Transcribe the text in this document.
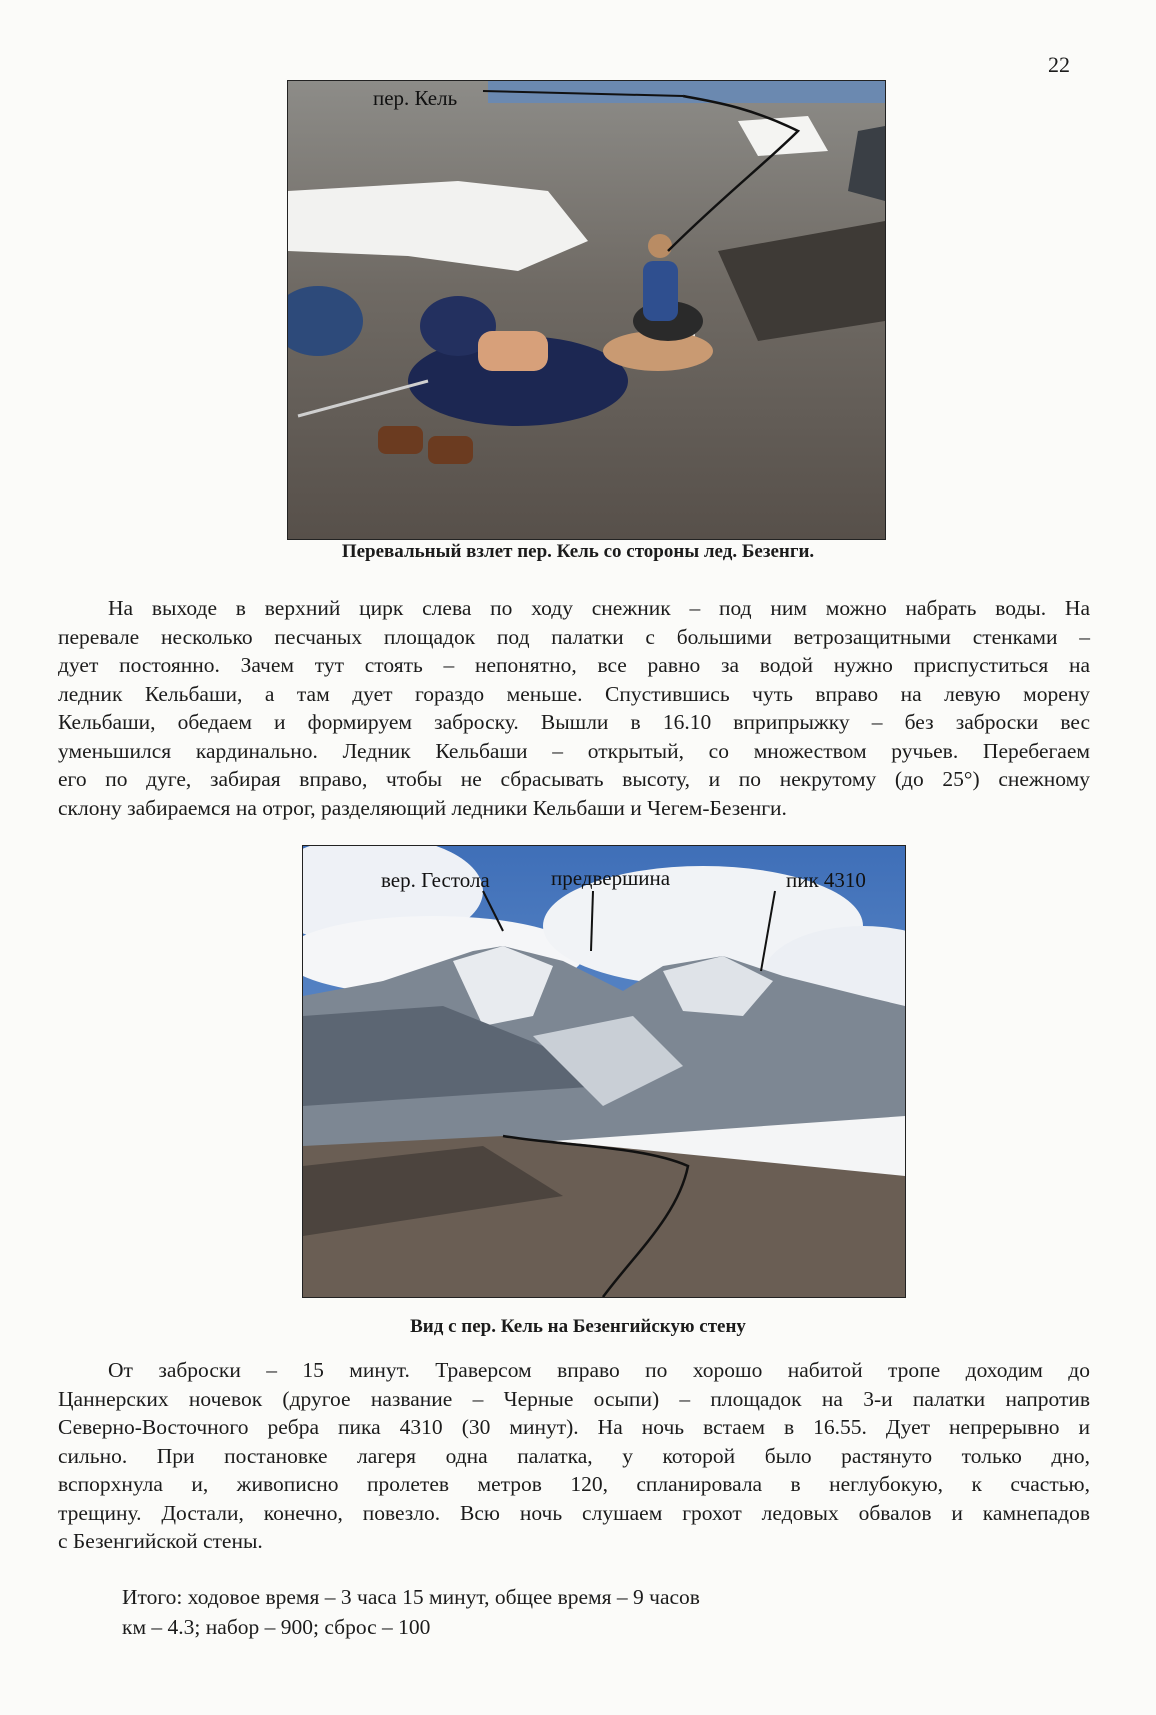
22
пер. Кель
Перевальный взлет пер. Кель со стороны лед. Безенги.
На выходе в верхний цирк слева по ходу снежник – под ним можно набрать воды. На
перевале несколько песчаных площадок под палатки с большими ветрозащитными стенками –
дует постоянно. Зачем тут стоять – непонятно, все равно за водой нужно приспуститься на
ледник Кельбаши, а там дует гораздо меньше. Спустившись чуть вправо на левую морену
Кельбаши, обедаем и формируем заброску. Вышли в 16.10 вприпрыжку – без заброски вес
уменьшился кардинально. Ледник Кельбаши – открытый, со множеством ручьев. Перебегаем
его по дуге, забирая вправо, чтобы не сбрасывать высоту, и по некрутому (до 25°) снежному
склону забираемся на отрог, разделяющий ледники Кельбаши и Чегем-Безенги.
вер. Гестола	предвершина	пик 4310
Вид с пер. Кель на Безенгийскую стену
От заброски – 15 минут. Траверсом вправо по хорошо набитой тропе доходим до
Цаннерских ночевок (другое название – Черные осыпи) – площадок на 3-и палатки напротив
Северно-Восточного ребра пика 4310 (30 минут). На ночь встаем в 16.55. Дует непрерывно и
сильно. При постановке лагеря одна палатка, у которой было растянуто только дно,
вспорхнула и, живописно пролетев метров 120, спланировала в неглубокую, к счастью,
трещину. Достали, конечно, повезло. Всю ночь слушаем грохот ледовых обвалов и камнепадов
с Безенгийской стены.
Итого: ходовое время – 3 часа 15 минут, общее время – 9 часов
км – 4.3; набор – 900; сброс – 100
